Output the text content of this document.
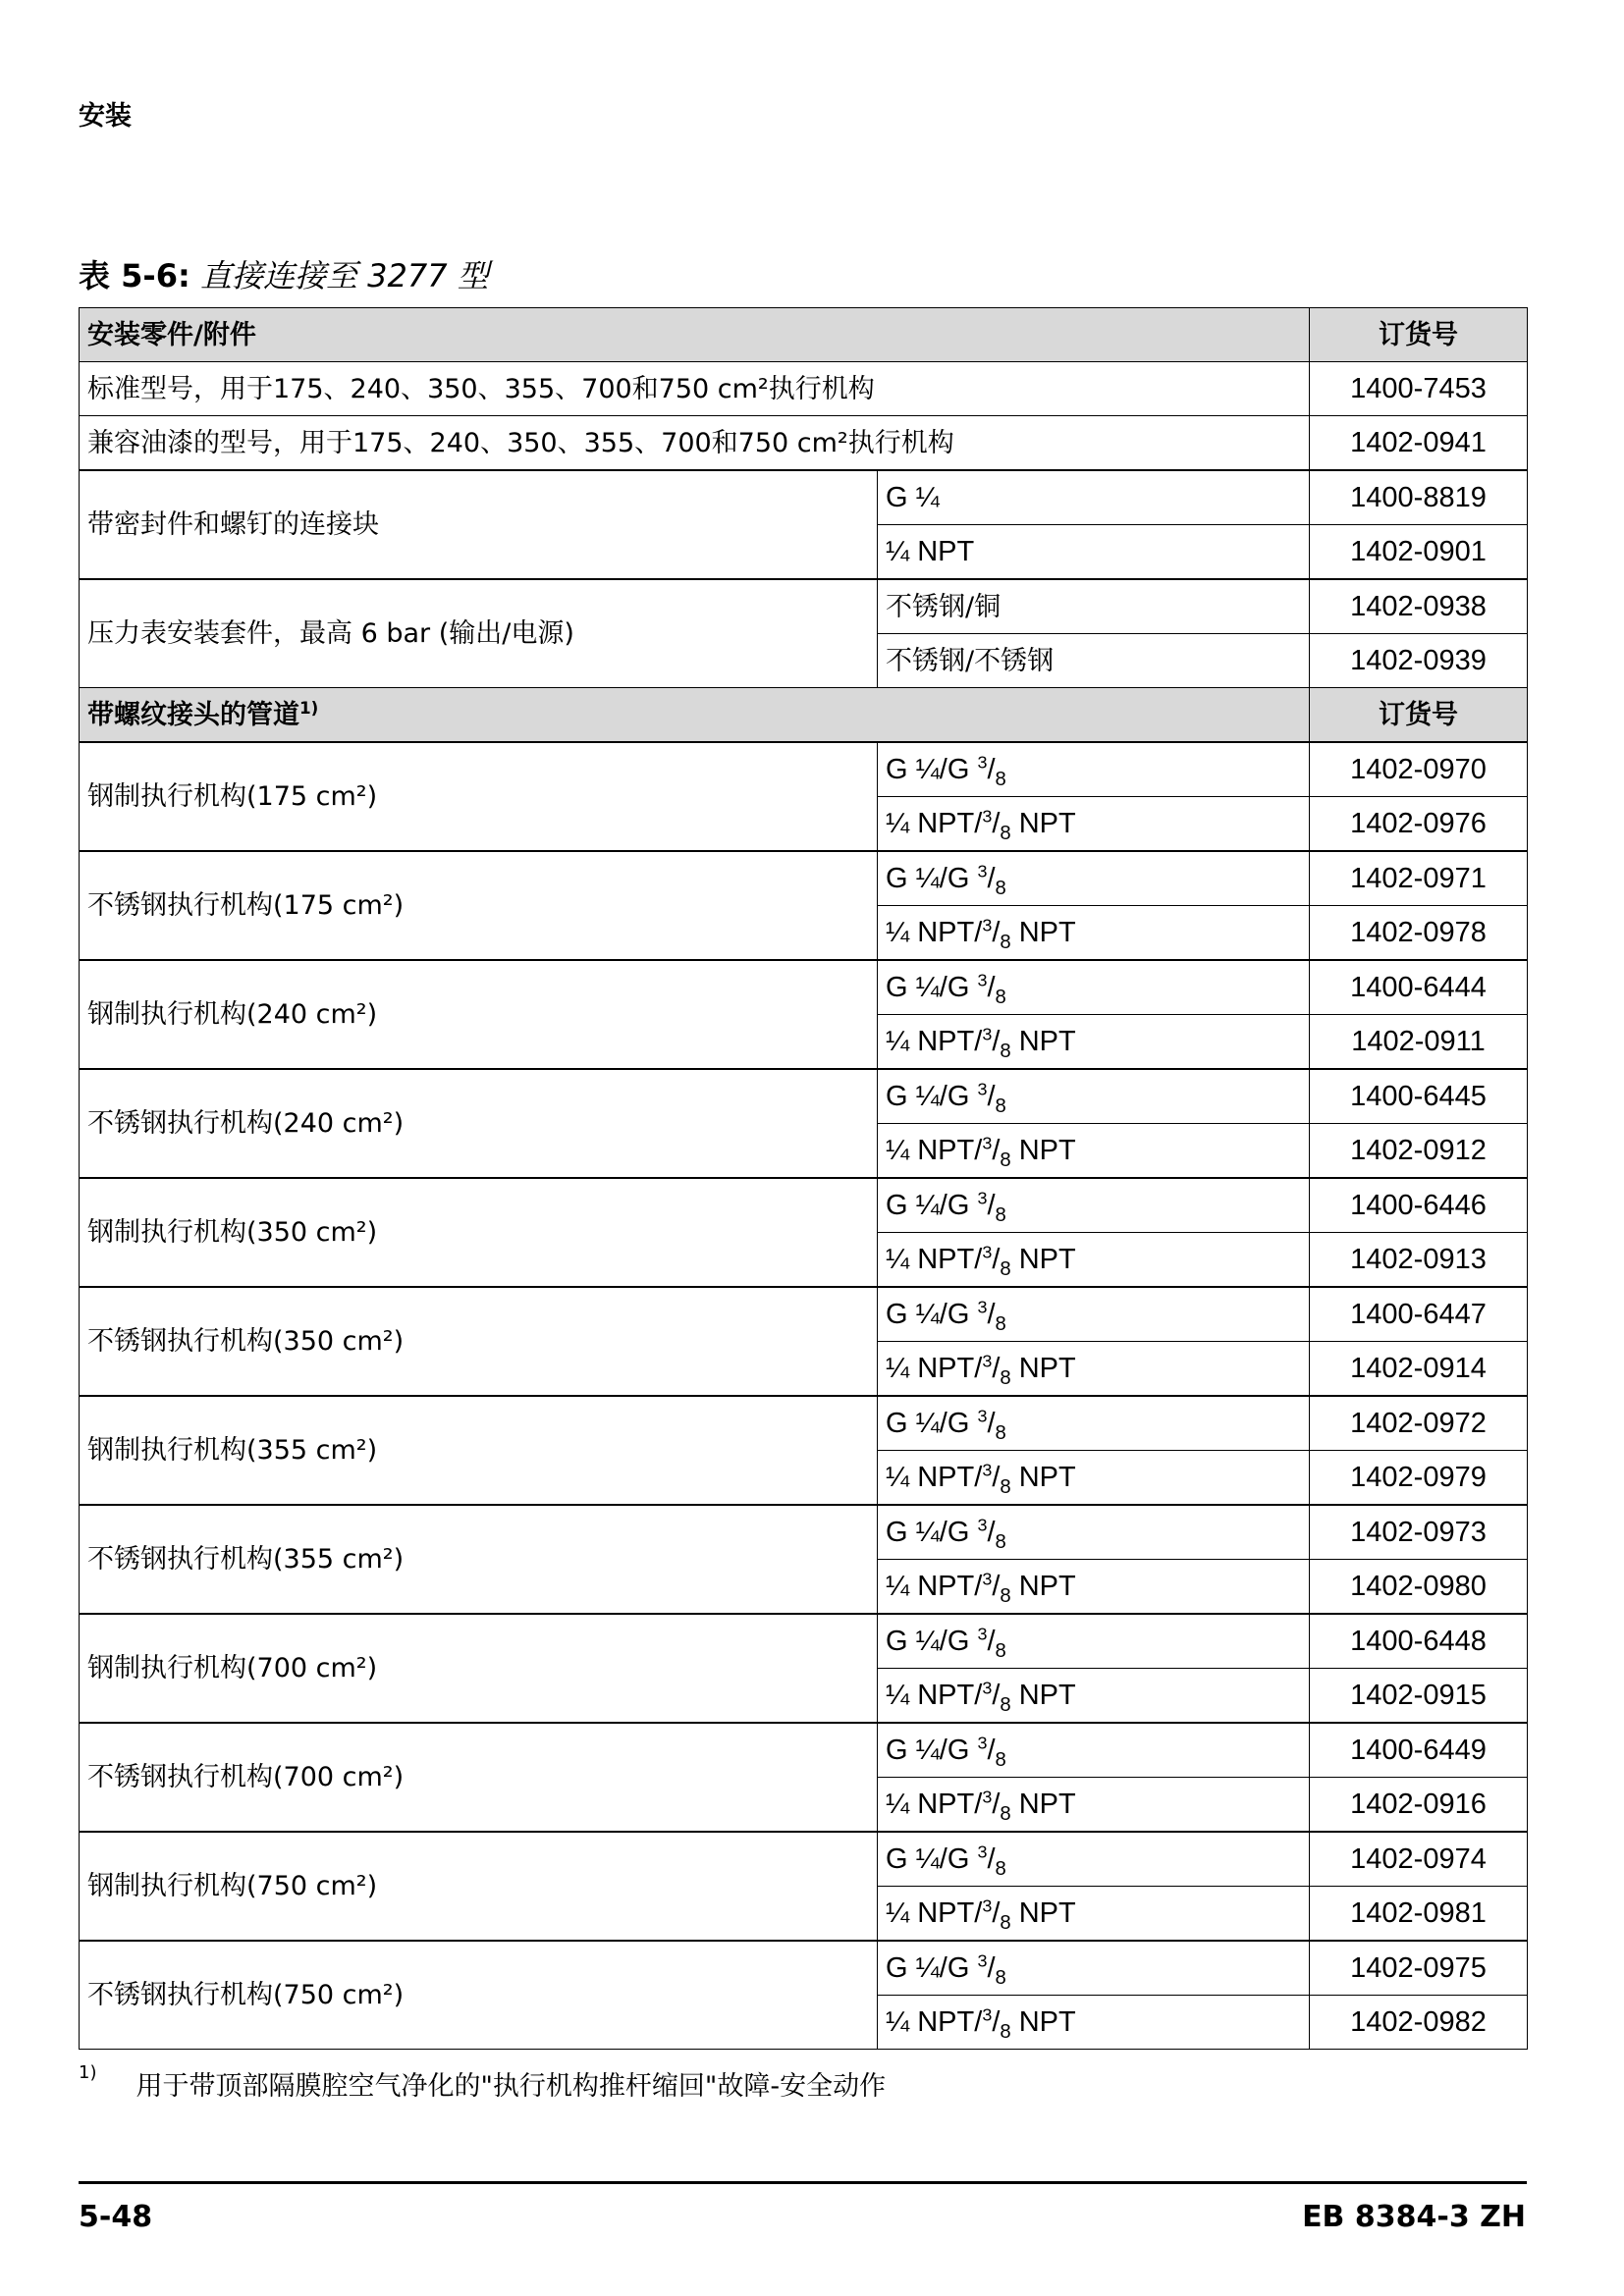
安装
表 5-6: 直接连接至 3277 型
安装零件/附件		订货号
标准型号，用于175、240、350、355、700和750 cm²执行机构		1400-7453
兼容油漆的型号，用于175、240、350、355、700和750 cm²执行机构		1402-0941
带密封件和螺钉的连接块	G ¼	1400-8819
	¼ NPT	1402-0901
压力表安装套件，最高 6 bar (输出/电源)	不锈钢/铜	1402-0938
	不锈钢/不锈钢	1402-0939
带螺纹接头的管道$^{1)}$		订货号
钢制执行机构(175 cm²)	G ¼/G $^3/_8$	1402-0970
	¼ NPT/$^3/_8$ NPT	1402-0976
不锈钢执行机构(175 cm²)	G ¼/G $^3/_8$	1402-0971
	¼ NPT/$^3/_8$ NPT	1402-0978
钢制执行机构(240 cm²)	G ¼/G $^3/_8$	1400-6444
	¼ NPT/$^3/_8$ NPT	1402-0911
不锈钢执行机构(240 cm²)	G ¼/G $^3/_8$	1400-6445
	¼ NPT/$^3/_8$ NPT	1402-0912
钢制执行机构(350 cm²)	G ¼/G $^3/_8$	1400-6446
	¼ NPT/$^3/_8$ NPT	1402-0913
不锈钢执行机构(350 cm²)	G ¼/G $^3/_8$	1400-6447
	¼ NPT/$^3/_8$ NPT	1402-0914
钢制执行机构(355 cm²)	G ¼/G $^3/_8$	1402-0972
	¼ NPT/$^3/_8$ NPT	1402-0979
不锈钢执行机构(355 cm²)	G ¼/G $^3/_8$	1402-0973
	¼ NPT/$^3/_8$ NPT	1402-0980
钢制执行机构(700 cm²)	G ¼/G $^3/_8$	1400-6448
	¼ NPT/$^3/_8$ NPT	1402-0915
不锈钢执行机构(700 cm²)	G ¼/G $^3/_8$	1400-6449
	¼ NPT/$^3/_8$ NPT	1402-0916
钢制执行机构(750 cm²)	G ¼/G $^3/_8$	1402-0974
	¼ NPT/$^3/_8$ NPT	1402-0981
不锈钢执行机构(750 cm²)	G ¼/G $^3/_8$	1402-0975
	¼ NPT/$^3/_8$ NPT	1402-0982
$^{1)}$ 用于带顶部隔膜腔空气净化的"执行机构推杆缩回"故障-安全动作
5-48	EB 8384-3 ZH
